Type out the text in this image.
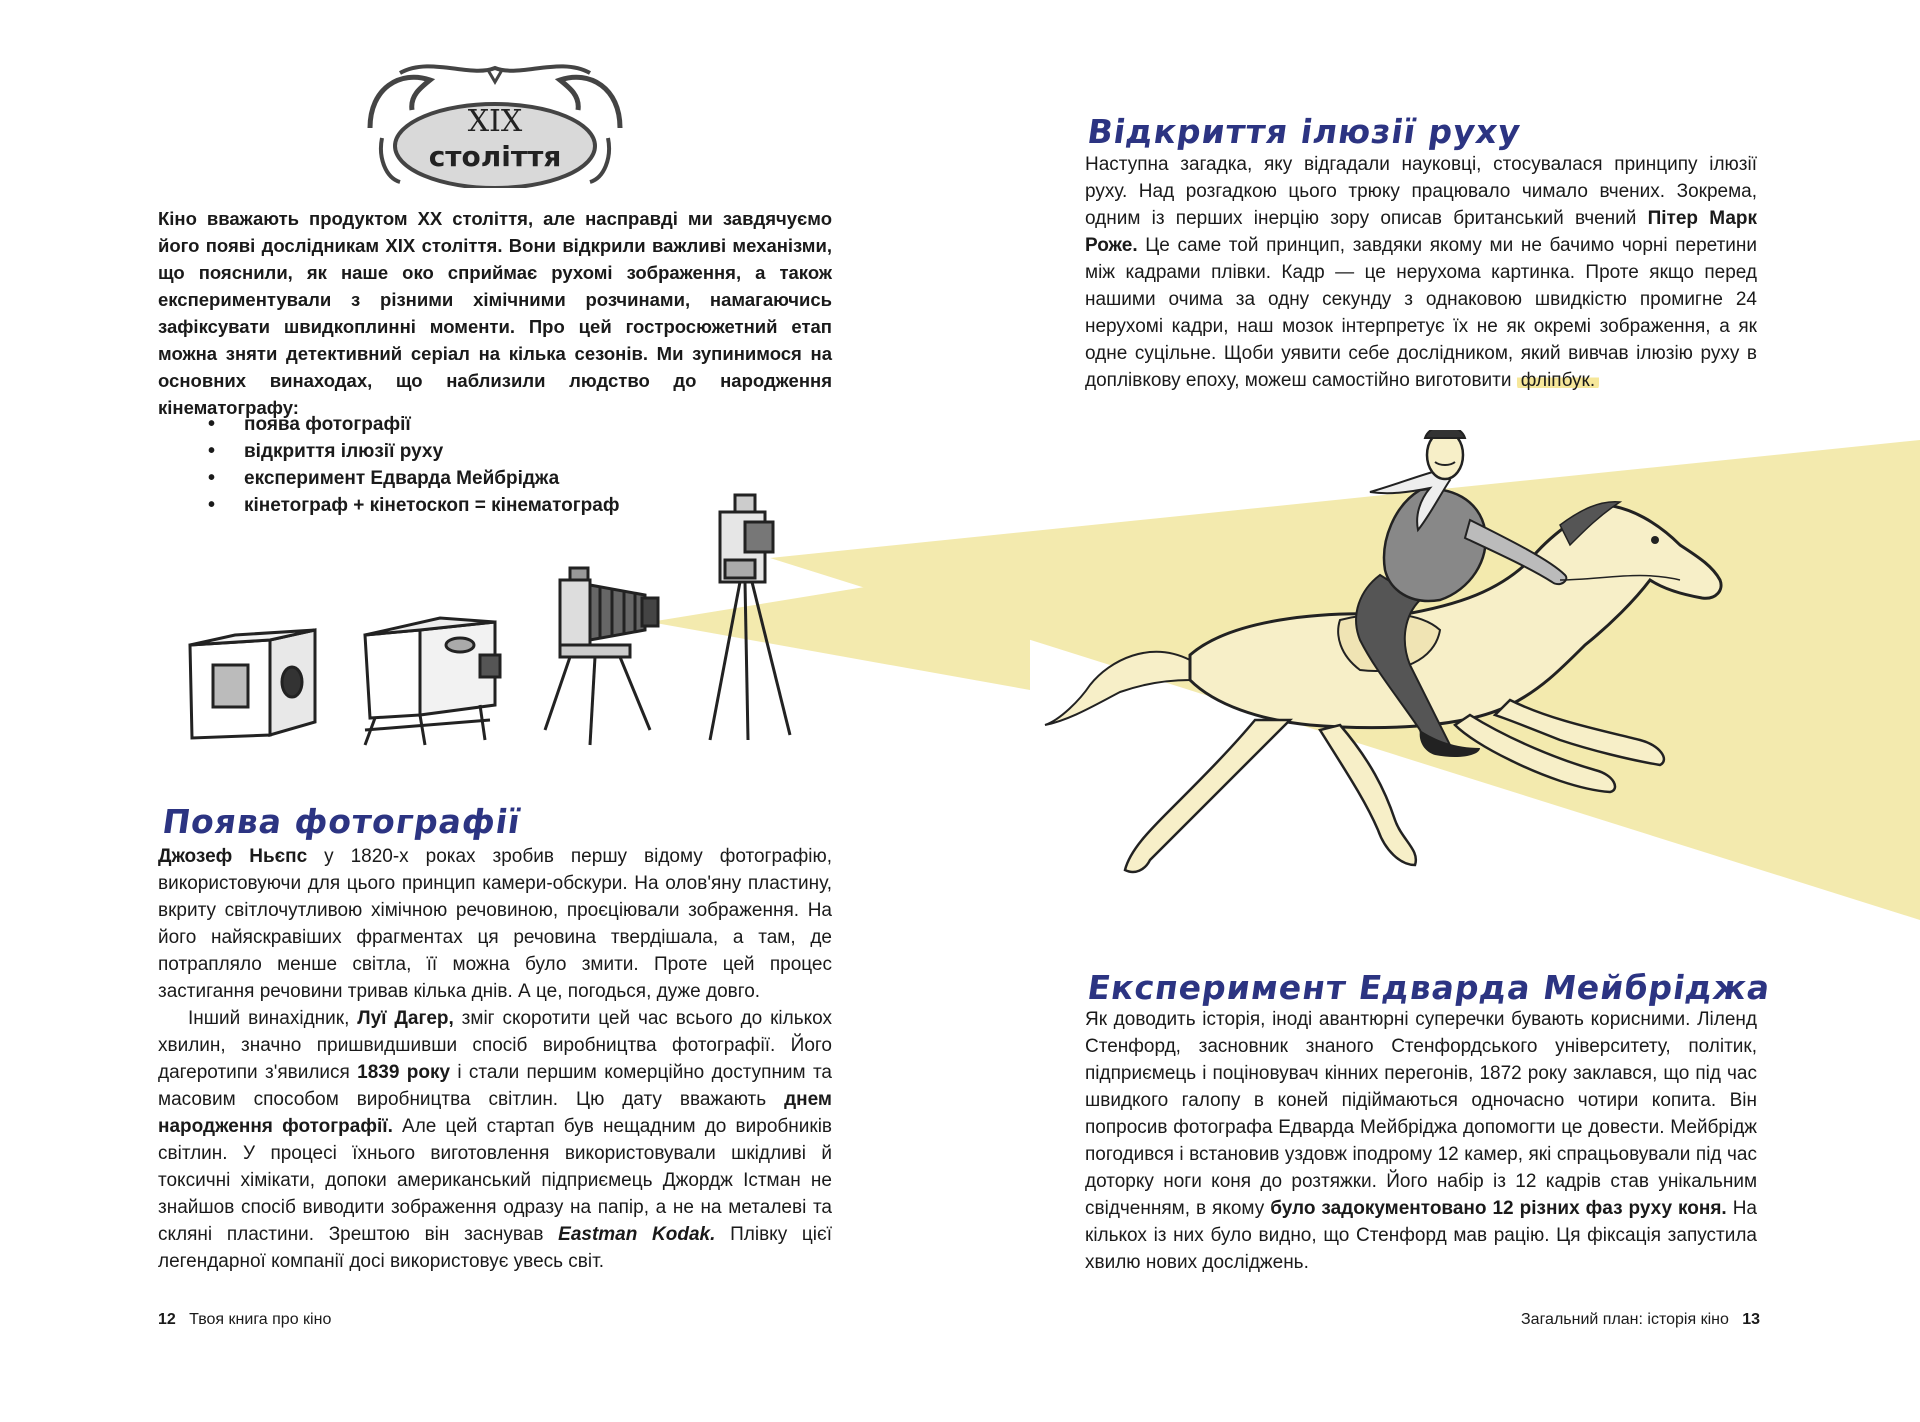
XIX
століття

Кіно вважають продуктом XX століття, але насправді ми завдячуємо його появі дослідникам XIX століття. Вони відкрили важливі механізми, що пояснили, як наше око сприймає рухомі зображення, а також експериментували з різними хімічними розчинами, намагаючись зафіксувати швидкоплинні моменти. Про цей гостросюжетний етап можна зняти детективний серіал на кілька сезонів. Ми зупинимося на основних винаходах, що наблизили людство до народження кінематографу:

• поява фотографії
• відкриття ілюзії руху
• експеримент Едварда Мейбріджа
• кінетограф + кінетоскоп = кінематограф
Поява фотографії

Джозеф Ньєпс у 1820-х роках зробив першу відому фотографію, використовуючи для цього принцип камери-обскури. На олов'яну пластину, вкриту світлочутливою хімічною речовиною, проєціювали зображення. На його найяскравіших фрагментах ця речовина твердішала, а там, де потрапляло менше світла, її можна було змити. Проте цей процес застигання речовини тривав кілька днів. А це, погодься, дуже довго.

Інший винахідник, Луї Дагер, зміг скоротити цей час всього до кількох хвилин, значно пришвидшивши спосіб виробництва фотографії. Його дагеротипи з'явилися 1839 року і стали першим комерційно доступним та масовим способом виробництва світлин. Цю дату вважають днем народження фотографії. Але цей стартап був нещадним до виробників світлин. У процесі їхнього виготовлення використовували шкідливі й токсичні хімікати, допоки американський підприємець Джордж Істман не знайшов спосіб виводити зображення одразу на папір, а не на металеві та скляні пластини. Зрештою він заснував Eastman Kodak. Плівку цієї легендарної компанії досі використовує увесь світ.

12 Твоя книга про кіно
Відкриття ілюзії руху

Наступна загадка, яку відгадали науковці, стосувалася принципу ілюзії руху. Над розгадкою цього трюку працювало чимало вчених. Зокрема, одним із перших інерцію зору описав британський вчений Пітер Марк Роже. Це саме той принцип, завдяки якому ми не бачимо чорні перетини між кадрами плівки. Кадр — це нерухома картинка. Проте якщо перед нашими очима за одну секунду з однаковою швидкістю промигне 24 нерухомі кадри, наш мозок інтерпретує їх не як окремі зображення, а як одне суцільне. Щоби уявити себе дослідником, який вивчав ілюзію руху в доплівкову епоху, можеш самостійно виготовити фліпбук.

Експеримент Едварда Мейбріджа

Як доводить історія, іноді авантюрні суперечки бувають корисними. Ліленд Стенфорд, засновник знаного Стенфордського університету, політик, підприємець і поціновувач кінних перегонів, 1872 року заклався, що під час швидкого галопу в коней підіймаються одночасно чотири копита. Він попросив фотографа Едварда Мейбріджа допомогти це довести. Мейбрідж погодився і встановив уздовж іподрому 12 камер, які спрацьовували під час доторку ноги коня до розтяжки. Його набір із 12 кадрів став унікальним свідченням, в якому було задокументовано 12 різних фаз руху коня. На кількох із них було видно, що Стенфорд мав рацію. Ця фіксація запустила хвилю нових досліджень.

Загальний план: історія кіно 13
